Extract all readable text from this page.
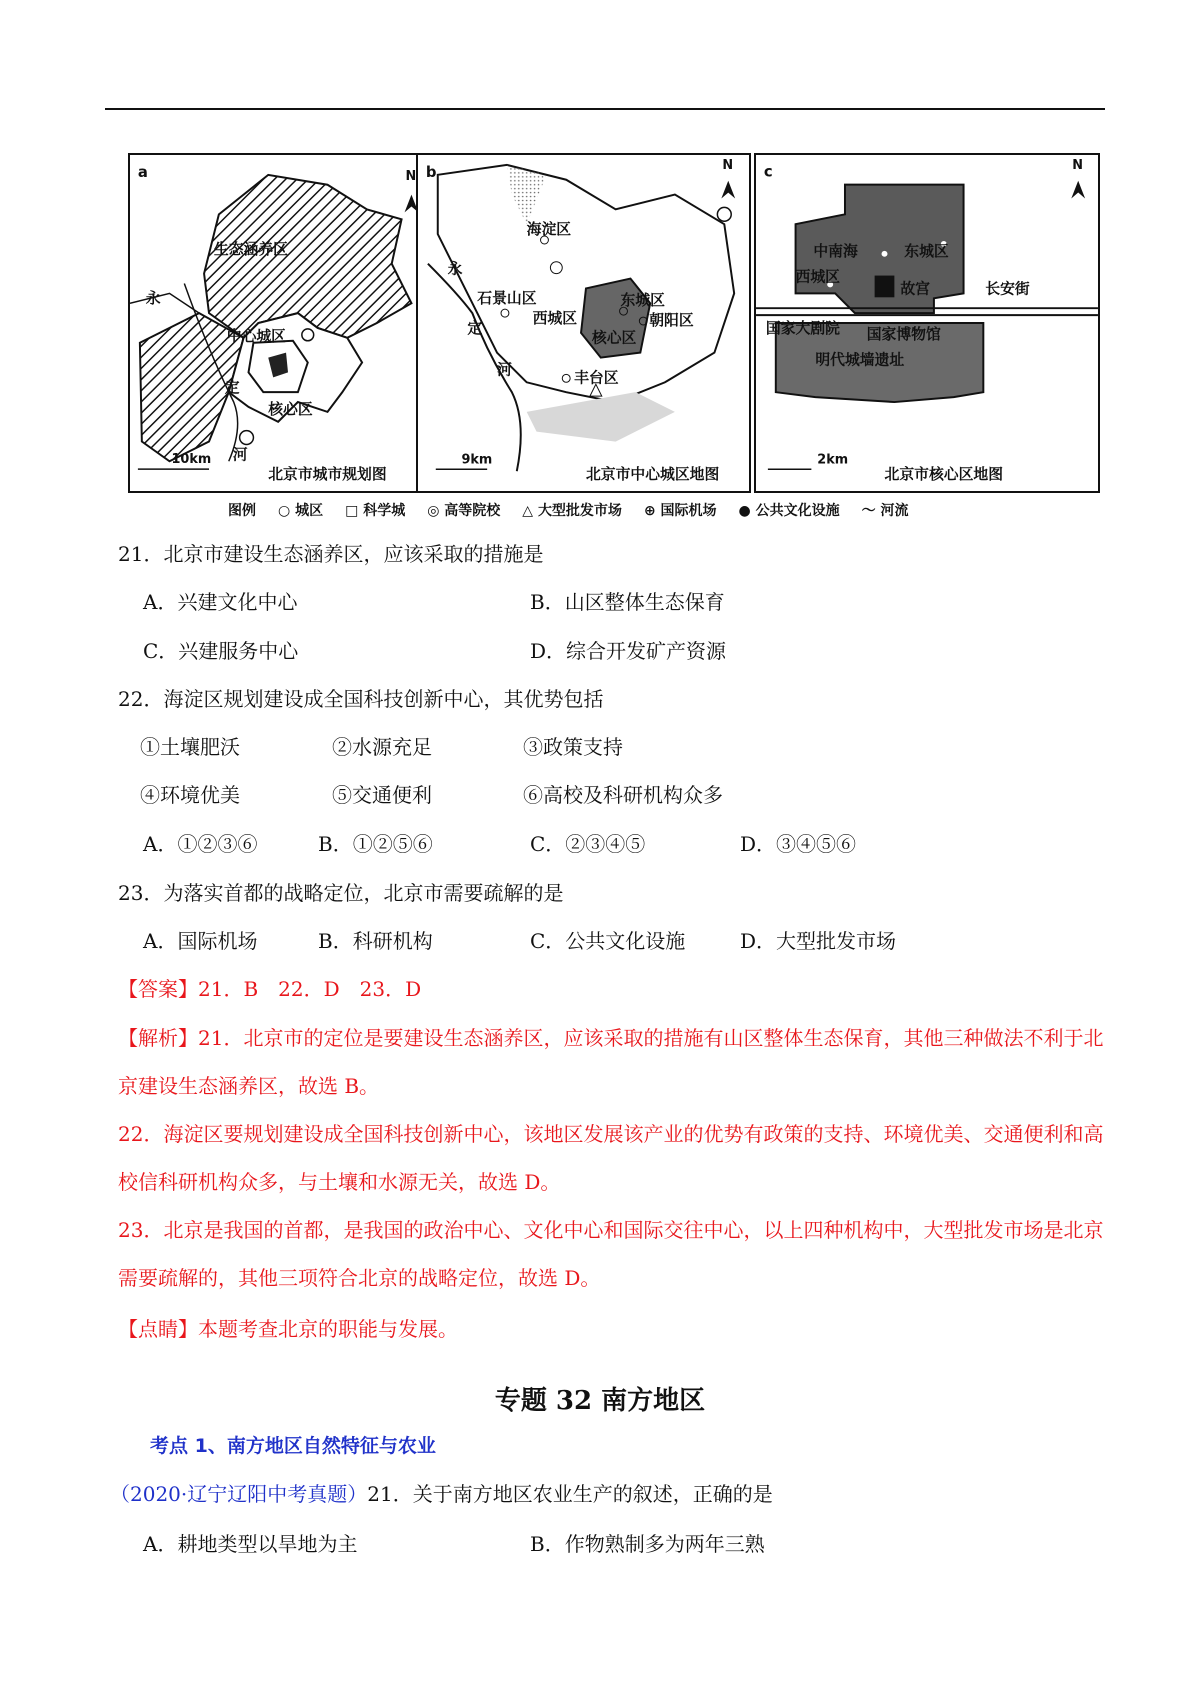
a
生态涵养区
中心城区
核心区
永
定
河
北京市城市规划图
10km
N b
海淀区
石景山区
西城区
东城区
朝阳区
核心区
丰台区
永
定
河
北京市中心城区地图
9km
N c
中南海	东城区
西城区
故宫	长安街
国家大剧院 国家博物馆
明代城墙遗址
北京市核心区地图
2km
N
图例 ○ 城区 □ 科学城 ◎ 高等院校 △ 大型批发市场 ⊕ 国际机场 ● 公共文化设施 〜 河流
21．北京市建设生态涵养区，应该采取的措施是
A．兴建文化中心	B．山区整体生态保育
C．兴建服务中心	D．综合开发矿产资源
22．海淀区规划建设成全国科技创新中心，其优势包括
①土壤肥沃	②水源充足	③政策支持
④环境优美	⑤交通便利	⑥高校及科研机构众多
A．①②③⑥	B．①②⑤⑥	C．②③④⑤	D．③④⑤⑥
23．为落实首都的战略定位，北京市需要疏解的是
A．国际机场	B．科研机构	C．公共文化设施	D．大型批发市场
【答案】21．B　22．D　23．D
【解析】21．北京市的定位是要建设生态涵养区，应该采取的措施有山区整体生态保育，其他三种做法不利于北京建设生态涵养区，故选 B。
22．海淀区要规划建设成全国科技创新中心，该地区发展该产业的优势有政策的支持、环境优美、交通便利和高校信科研机构众多，与土壤和水源无关，故选 D。
23．北京是我国的首都，是我国的政治中心、文化中心和国际交往中心，以上四种机构中，大型批发市场是北京需要疏解的，其他三项符合北京的战略定位，故选 D。
【点睛】本题考查北京的职能与发展。
专题 32 南方地区
考点 1、南方地区自然特征与农业
（2020·辽宁辽阳中考真题）21．关于南方地区农业生产的叙述，正确的是
A．耕地类型以旱地为主	B．作物熟制多为两年三熟
